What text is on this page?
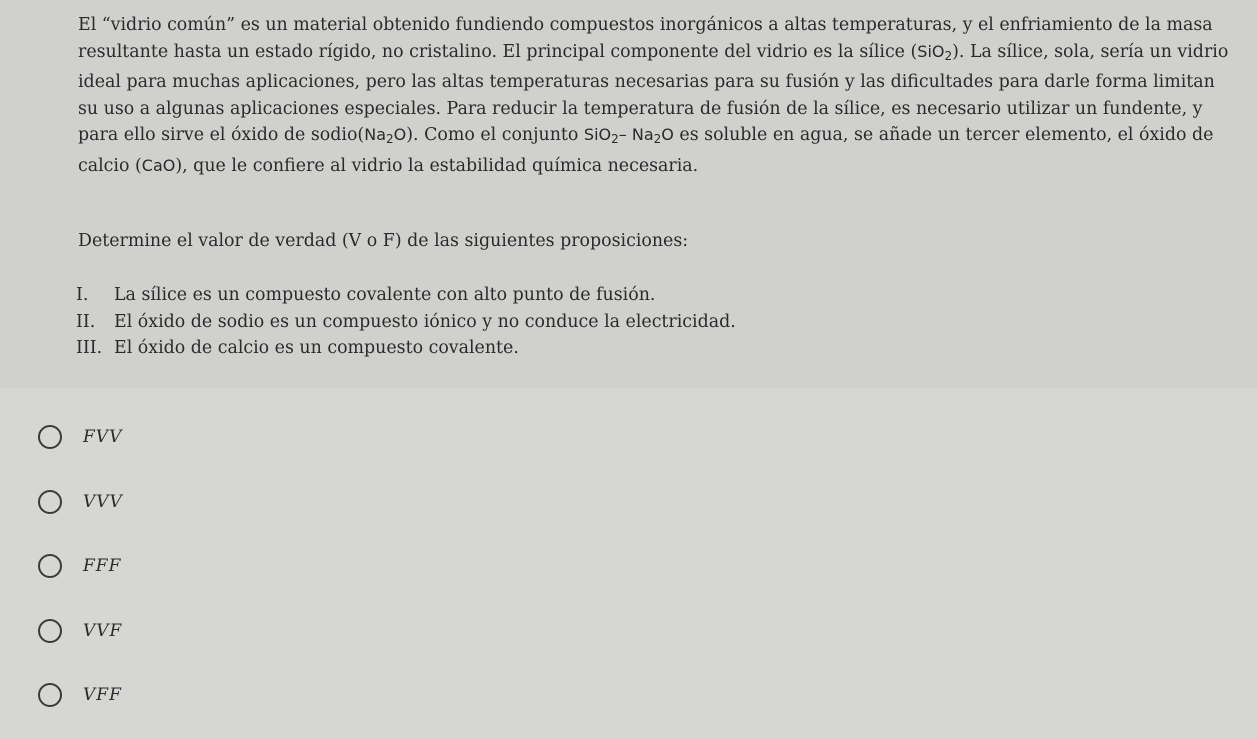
El “vidrio común” es un material obtenido fundiendo compuestos inorgánicos a altas temperaturas, y el enfriamiento de la masa resultante hasta un estado rígido, no cristalino. El principal componente del vidrio es la sílice (SiO$_2$). La sílice, sola, sería un vidrio ideal para muchas aplicaciones, pero las altas temperaturas necesarias para su fusión y las dificultades para darle forma limitan su uso a algunas aplicaciones especiales. Para reducir la temperatura de fusión de la sílice, es necesario utilizar un fundente, y para ello sirve el óxido de $sodio(Na_2O)$. Como el conjunto SiO$_2$– $Na_2O$ es soluble en agua, se añade un tercer elemento, el óxido de calcio (CaO), que le confiere al vidrio la estabilidad química necesaria.

Determine el valor de verdad (V o F) de las siguientes proposiciones:
I.	La sílice es un compuesto covalente con alto punto de fusión.
II.	El óxido de sodio es un compuesto iónico y no conduce la electricidad.
III. El óxido de calcio es un compuesto covalente.
FVV
VVV
FFF
VVF
VFF
